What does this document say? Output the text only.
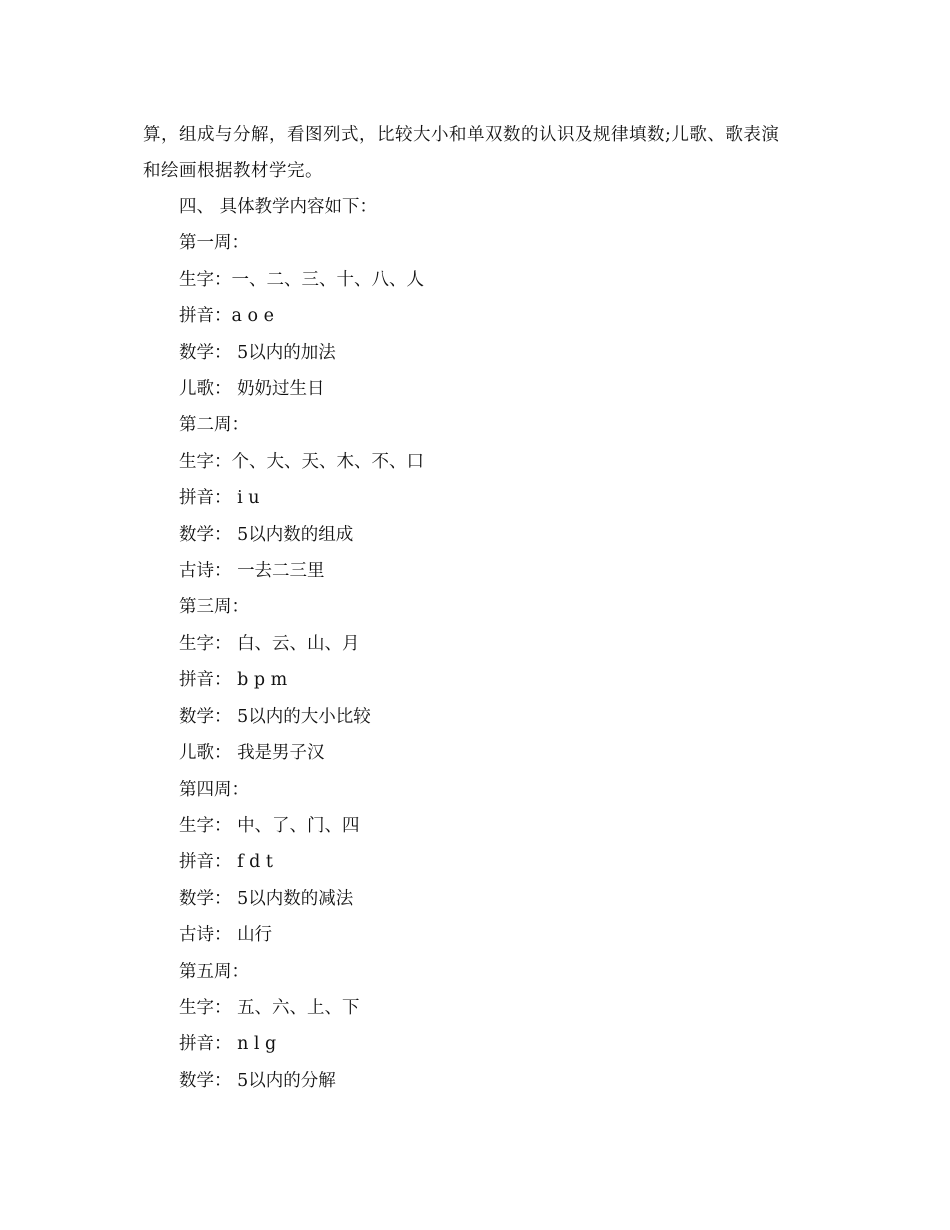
算，组成与分解，看图列式，比较大小和单双数的认识及规律填数;儿歌、歌表演

和绘画根据教材学完。

四、 具体教学内容如下：

第一周：

生字：一、二、三、十、八、人

拼音：a o e

数学： 5以内的加法

儿歌： 奶奶过生日

第二周：

生字：个、大、天、木、不、口

拼音： i u

数学： 5以内数的组成

古诗： 一去二三里

第三周：

生字： 白、云、山、月

拼音： b p m

数学： 5以内的大小比较

儿歌： 我是男子汉

第四周：

生字： 中、了、门、四

拼音： f d t

数学： 5以内数的减法

古诗： 山行

第五周：

生字： 五、六、上、下

拼音： n l g

数学： 5以内的分解
